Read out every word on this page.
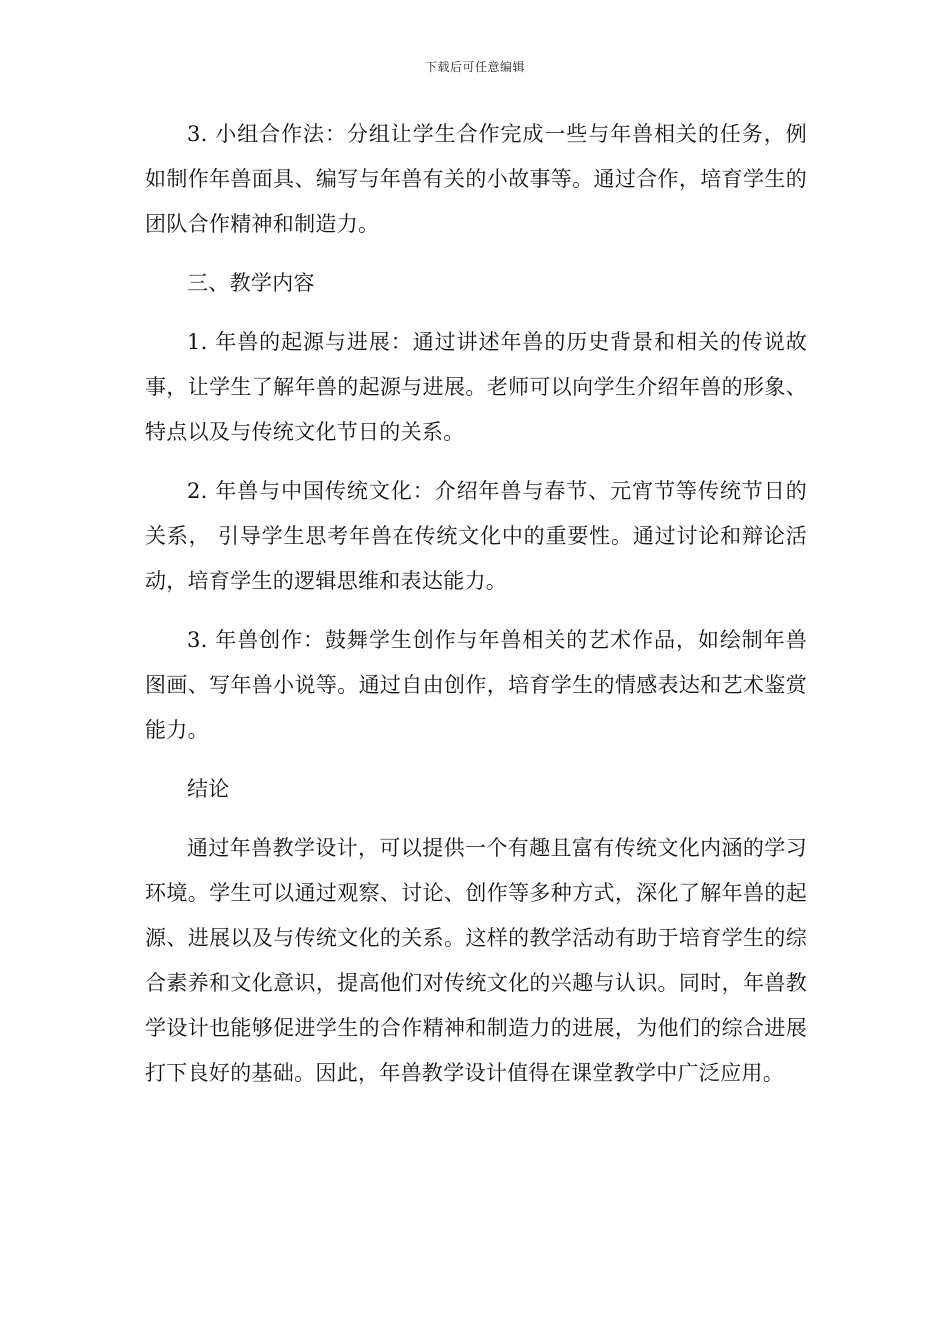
下载后可任意编辑

3. 小组合作法：分组让学生合作完成一些与年兽相关的任务，例如制作年兽面具、编写与年兽有关的小故事等。通过合作，培育学生的团队合作精神和制造力。

三、教学内容

1. 年兽的起源与进展：通过讲述年兽的历史背景和相关的传说故事，让学生了解年兽的起源与进展。老师可以向学生介绍年兽的形象、特点以及与传统文化节日的关系。

2. 年兽与中国传统文化：介绍年兽与春节、元宵节等传统节日的关系， 引导学生思考年兽在传统文化中的重要性。通过讨论和辩论活动，培育学生的逻辑思维和表达能力。

3. 年兽创作：鼓舞学生创作与年兽相关的艺术作品，如绘制年兽图画、写年兽小说等。通过自由创作，培育学生的情感表达和艺术鉴赏能力。

结论

通过年兽教学设计，可以提供一个有趣且富有传统文化内涵的学习环境。学生可以通过观察、讨论、创作等多种方式，深化了解年兽的起源、进展以及与传统文化的关系。这样的教学活动有助于培育学生的综合素养和文化意识，提高他们对传统文化的兴趣与认识。同时，年兽教学设计也能够促进学生的合作精神和制造力的进展，为他们的综合进展打下良好的基础。因此，年兽教学设计值得在课堂教学中广泛应用。
